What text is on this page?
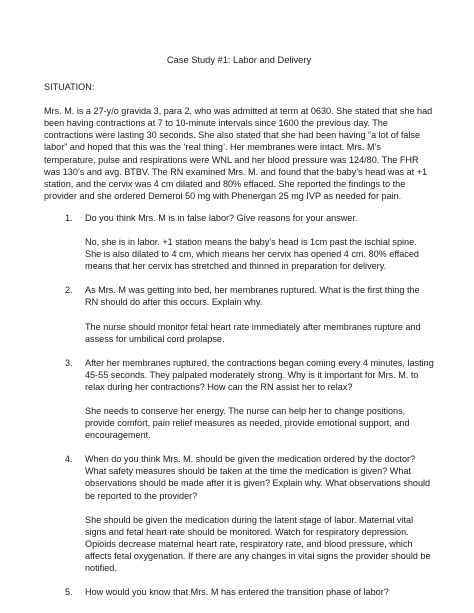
Case Study #1: Labor and Delivery
SITUATION:
Mrs. M. is a 27-y/o gravida 3, para 2, who was admitted at term at 0630. She stated that she had been having contractions at 7 to 10-minute intervals since 1600 the previous day. The contractions were lasting 30 seconds. She also stated that she had been having “a lot of false labor” and hoped that this was the ‘real thing’. Her membranes were intact. Mrs. M’s temperature, pulse and respirations were WNL and her blood pressure was 124/80. The FHR was 130’s and avg. BTBV. The RN examined Mrs. M. and found that the baby’s head was at +1 station, and the cervix was 4 cm dilated and 80% effaced. She reported the findings to the provider and she ordered Demerol 50 mg with Phenergan 25 mg IVP as needed for pain.
1. Do you think Mrs. M is in false labor? Give reasons for your answer.

No, she is in labor. +1 station means the baby’s head is 1cm past the ischial spine. She is also dilated to 4 cm, which means her cervix has opened 4 cm. 80% effaced means that her cervix has stretched and thinned in preparation for delivery.

2. As Mrs. M was getting into bed, her membranes ruptured. What is the first thing the RN should do after this occurs. Explain why.

The nurse should monitor fetal heart rate immediately after membranes rupture and assess for umbilical cord prolapse.

3. After her membranes ruptured, the contractions began coming every 4 minutes, lasting 45-55 seconds. They palpated moderately strong. Why is it important for Mrs. M. to relax during her contractions? How can the RN assist her to relax?

She needs to conserve her energy. The nurse can help her to change positions, provide comfort, pain relief measures as needed, provide emotional support, and encouragement.

4. When do you think Mrs. M. should be given the medication ordered by the doctor? What safety measures should be taken at the time the medication is given? What observations should be made after it is given? Explain why. What observations should be reported to the provider?

She should be given the medication during the latent stage of labor. Maternal vital signs and fetal heart rate should be monitored. Watch for respiratory depression. Opioids decrease maternal heart rate, respiratory rate, and blood pressure, which affects fetal oxygenation. If there are any changes in vital signs the provider should be notified.

5. How would you know that Mrs. M has entered the transition phase of labor?
